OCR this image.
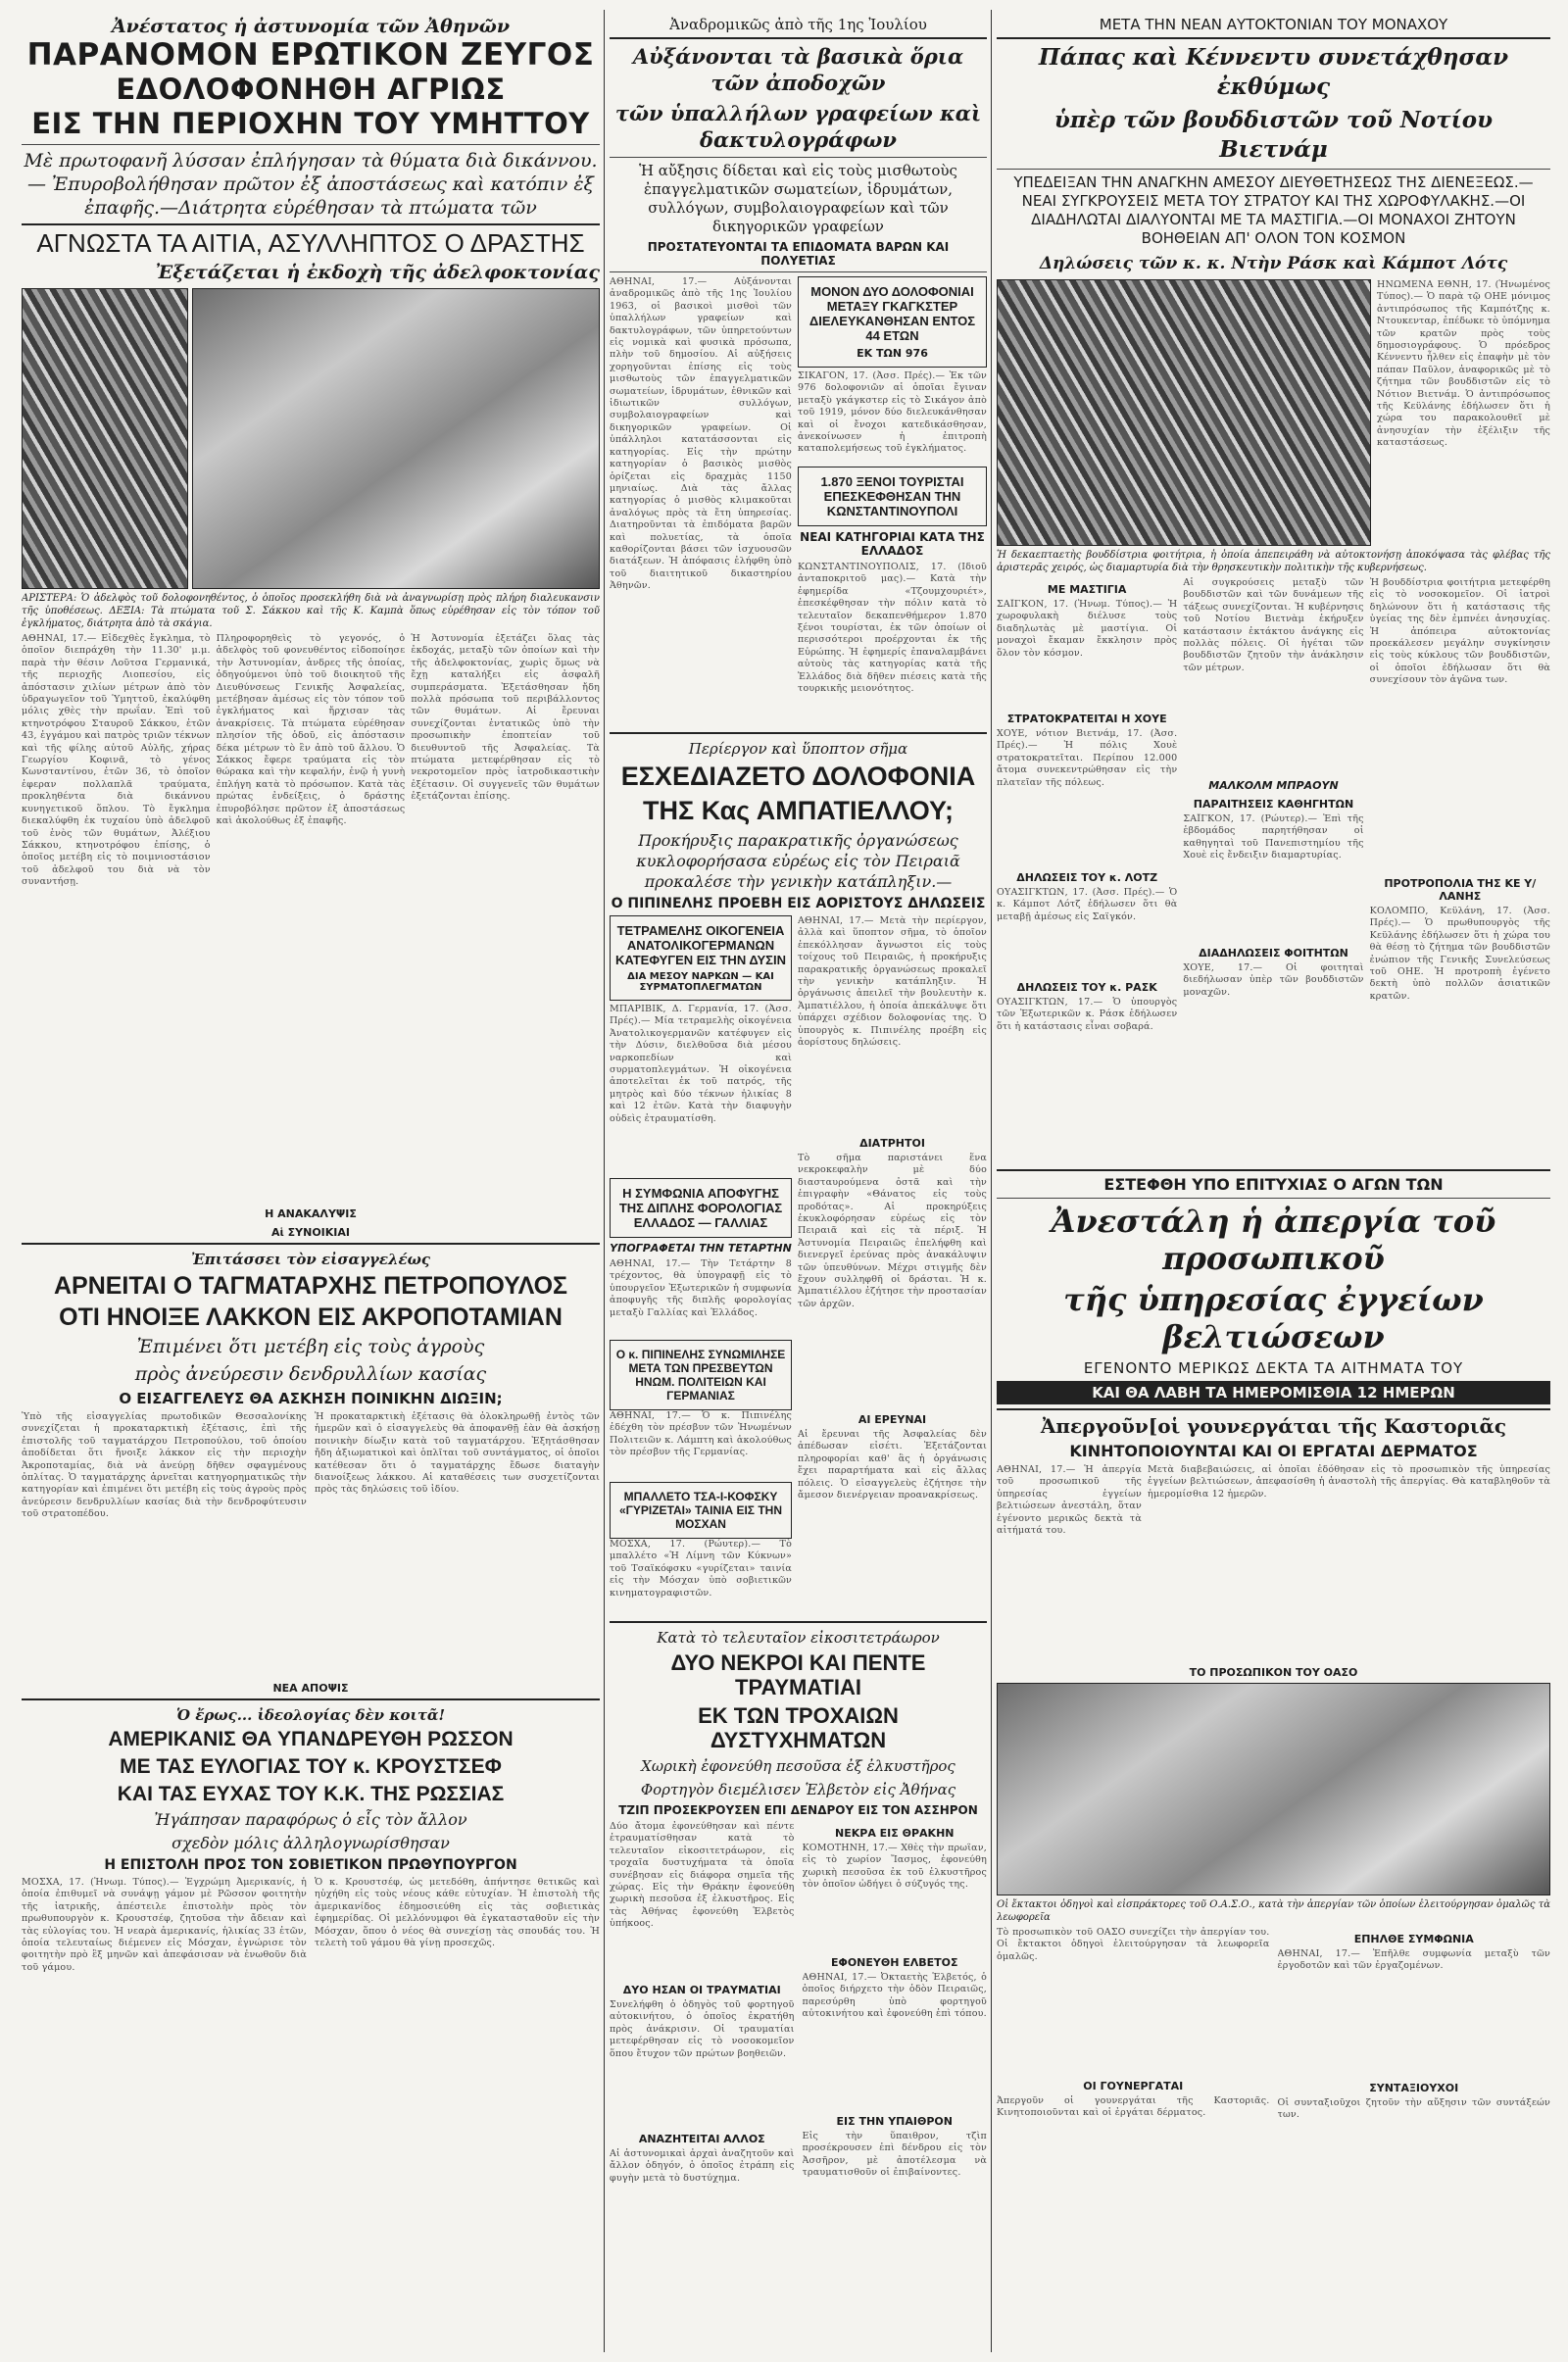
Ἀνέστατος ἡ ἀστυνομία τῶν Ἀθηνῶν
ΠΑΡΑΝΟΜΟΝ ΕΡΩΤΙΚΟΝ ΖΕΥΓΟΣ
ΕΔΟΛΟΦΟΝΗΘΗ ΑΓΡΙΩΣ
ΕΙΣ ΤΗΝ ΠΕΡΙΟΧΗΝ ΤΟΥ ΥΜΗΤΤΟΥ
Μὲ πρωτοφανῆ λύσσαν ἐπλήγησαν τὰ θύματα διὰ δικάννου.— Ἐπυροβολήθησαν πρῶτον ἐξ ἀποστάσεως καὶ κατόπιν ἐξ ἐπαφῆς.—Διάτρητα εὑρέθησαν τὰ πτώματα τῶν
ΑΓΝΩΣΤΑ ΤΑ ΑΙΤΙΑ, ΑΣΥΛΛΗΠΤΟΣ Ο ΔΡΑΣΤΗΣ
Ἐξετάζεται ἡ ἐκδοχὴ τῆς ἀδελφοκτονίας
ΑΡΙΣΤΕΡΑ: Ὁ ἀδελφὸς τοῦ δολοφονηθέντος, ὁ ὁποῖος προσεκλήθη διὰ νὰ ἀναγνωρίσῃ πρὸς πλήρη διαλευκανσιν τῆς ὑποθέσεως. ΔΕΞΙΑ: Τὰ πτώματα τοῦ Σ. Σάκκου καὶ τῆς Κ. Καμπὰ ὅπως εὑρέθησαν εἰς τὸν τόπον τοῦ ἐγκλήματος, διάτρητα ἀπὸ τὰ σκάγια.
ΑΘΗΝΑΙ, 17.— Εἰδεχθὲς ἔγκλημα, τὸ ὁποῖον διεπράχθη τὴν 11.30' μ.μ. παρὰ τὴν θέσιν Λοῦτσα Γερμανικά, τῆς περιοχῆς Λιοπεσίου, εἰς ἀπόστασιν χιλίων μέτρων ἀπὸ τὸν ὑδραγωγεῖον τοῦ Ὑμηττοῦ, ἐκαλύφθη μόλις χθὲς τὴν πρωΐαν. Ἐπὶ τοῦ κτηνοτρόφου Σταυροῦ Σάκκου, ἐτῶν 43, ἐγγάμου καὶ πατρὸς τριῶν τέκνων καὶ τῆς φίλης αὐτοῦ Αὐλῆς, χήρας Γεωργίου Κοφινᾶ, τὸ γένος Κωνσταντίνου, ἐτῶν 36, τὸ ὁποῖον ἐφεραν πολλαπλᾶ τραύματα, προκληθέντα διὰ δικάννου κυνηγετικοῦ ὅπλου. Τὸ ἔγκλημα διεκαλύφθη ἐκ τυχαίου ὑπὸ ἀδελφοῦ τοῦ ἑνὸς τῶν θυμάτων, Ἀλέξιου Σάκκου, κτηνοτρόφου ἐπίσης, ὁ ὁποῖος μετέβη εἰς τὸ ποιμνιοστάσιον τοῦ ἀδελφοῦ του διὰ νὰ τὸν συναντήσῃ.
Πληροφορηθεὶς τὸ γεγονός, ὁ ἀδελφὸς τοῦ φονευθέντος εἰδοποίησε τὴν Ἀστυνομίαν, ἀνδρες τῆς ὁποίας, ὁδηγούμενοι ὑπὸ τοῦ διοικητοῦ τῆς Διευθύνσεως Γενικῆς Ἀσφαλείας, μετέβησαν ἀμέσως εἰς τὸν τόπον τοῦ ἐγκλήματος καὶ ἤρχισαν τὰς ἀνακρίσεις. Τὰ πτώματα εὑρέθησαν πλησίον τῆς ὁδοῦ, εἰς ἀπόστασιν δέκα μέτρων τὸ ἓν ἀπὸ τοῦ ἄλλου. Ὁ Σάκκος ἔφερε τραύματα εἰς τὸν θώρακα καὶ τὴν κεφαλήν, ἐνῷ ἡ γυνὴ ἐπλήγη κατὰ τὸ πρόσωπον. Κατὰ τὰς πρώτας ἐνδείξεις, ὁ δράστης ἐπυροβόλησε πρῶτον ἐξ ἀποστάσεως καὶ ἀκολούθως ἐξ ἐπαφῆς.
Ἡ Ἀστυνομία ἐξετάζει ὅλας τὰς ἐκδοχάς, μεταξὺ τῶν ὁποίων καὶ τὴν τῆς ἀδελφοκτονίας, χωρὶς ὅμως νὰ ἔχῃ καταλήξει εἰς ἀσφαλῆ συμπεράσματα. Ἐξετάσθησαν ἤδη πολλὰ πρόσωπα τοῦ περιβάλλοντος τῶν θυμάτων. Αἱ ἔρευναι συνεχίζονται ἐντατικῶς ὑπὸ τὴν προσωπικὴν ἐποπτείαν τοῦ διευθυντοῦ τῆς Ἀσφαλείας. Τὰ πτώματα μετεφέρθησαν εἰς τὸ νεκροτομεῖον πρὸς ἰατροδικαστικὴν ἐξέτασιν. Οἱ συγγενεῖς τῶν θυμάτων ἐξετάζονται ἐπίσης.
Η ΑΝΑΚΑΛΥΨΙΣ
Αἱ ΣΥΝΟΙΚΙΑΙ
Ἐπιτάσσει τὸν εἰσαγγελέως
ΑΡΝΕΙΤΑΙ Ο ΤΑΓΜΑΤΑΡΧΗΣ ΠΕΤΡΟΠΟΥΛΟΣ
ΟΤΙ ΗΝΟΙΞΕ ΛΑΚΚΟΝ ΕΙΣ ΑΚΡΟΠΟΤΑΜΙΑΝ
Ἐπιμένει ὅτι μετέβη εἰς τοὺς ἀγροὺς
πρὸς ἀνεύρεσιν δενδρυλλίων κασίας
Ο ΕΙΣΑΓΓΕΛΕΥΣ ΘΑ ΑΣΚΗΣΗ ΠΟΙΝΙΚΗΝ ΔΙΩΞΙΝ;
Ὑπὸ τῆς εἰσαγγελίας πρωτοδικῶν Θεσσαλονίκης συνεχίζεται ἡ προκαταρκτικὴ ἐξέτασις, ἐπὶ τῆς ἐπιστολῆς τοῦ ταγματάρχου Πετροπούλου, τοῦ ὁποίου ἀποδίδεται ὅτι ἤνοιξε λάκκον εἰς τὴν περιοχὴν Ἀκροποταμίας, διὰ νὰ ἀνεύρῃ δῆθεν σφαγμένους ὀπλίτας. Ὁ ταγματάρχης ἀρνεῖται κατηγορηματικῶς τὴν κατηγορίαν καὶ ἐπιμένει ὅτι μετέβη εἰς τοὺς ἀγροὺς πρὸς ἀνεύρεσιν δενδρυλλίων κασίας διὰ τὴν δενδροφύτευσιν τοῦ στρατοπέδου.
Ἡ προκαταρκτικὴ ἐξέτασις θὰ ὁλοκληρωθῇ ἐντὸς τῶν ἡμερῶν καὶ ὁ εἰσαγγελεὺς θὰ ἀποφανθῇ ἐὰν θὰ ἀσκήσῃ ποινικὴν δίωξιν κατὰ τοῦ ταγματάρχου. Ἐξητάσθησαν ἤδη ἀξιωματικοὶ καὶ ὁπλῖται τοῦ συντάγματος, οἱ ὁποῖοι κατέθεσαν ὅτι ὁ ταγματάρχης ἔδωσε διαταγὴν διανοίξεως λάκκου. Αἱ καταθέσεις των συσχετίζονται πρὸς τὰς δηλώσεις τοῦ ἰδίου.
ΝΕΑ ΑΠΟΨΙΣ
Ὁ ἔρως... ἰδεολογίας δὲν κοιτᾶ!
ΑΜΕΡΙΚΑΝΙΣ ΘΑ ΥΠΑΝΔΡΕΥΘΗ ΡΩΣΣΟΝ
ΜΕ ΤΑΣ ΕΥΛΟΓΙΑΣ ΤΟΥ κ. ΚΡΟΥΣΤΣΕΦ
ΚΑΙ ΤΑΣ ΕΥΧΑΣ ΤΟΥ Κ.Κ. ΤΗΣ ΡΩΣΣΙΑΣ
Ἠγάπησαν παραφόρως ὁ εἷς τὸν ἄλλον
σχεδὸν μόλις ἀλληλογνωρίσθησαν
Η ΕΠΙΣΤΟΛΗ ΠΡΟΣ ΤΟΝ ΣΟΒΙΕΤΙΚΟΝ ΠΡΩΘΥΠΟΥΡΓΟΝ
ΜΟΣΧΑ, 17. (Ἠνωμ. Τύπος).— Ἐγχρώμη Ἀμερικανίς, ἡ ὁποία ἐπιθυμεῖ νὰ συνάψῃ γάμον μὲ Ρῶσσον φοιτητὴν τῆς ἰατρικῆς, ἀπέστειλε ἐπιστολὴν πρὸς τὸν πρωθυπουργὸν κ. Κρουστσέφ, ζητοῦσα τὴν ἄδειαν καὶ τὰς εὐλογίας του. Ἡ νεαρὰ ἀμερικανίς, ἡλικίας 33 ἐτῶν, ὁποία τελευταίως διέμενεν εἰς Μόσχαν, ἐγνώρισε τὸν φοιτητὴν πρὸ ἓξ μηνῶν καὶ ἀπεφάσισαν νὰ ἐνωθοῦν διὰ τοῦ γάμου.
Ὁ κ. Κρουστσέφ, ὡς μετεδόθη, ἀπήντησε θετικῶς καὶ ηὐχήθη εἰς τοὺς νέους κάθε εὐτυχίαν. Ἡ ἐπιστολὴ τῆς ἀμερικανίδος ἐδημοσιεύθη εἰς τὰς σοβιετικὰς ἐφημερίδας. Οἱ μελλόνυμφοι θὰ ἐγκατασταθοῦν εἰς τὴν Μόσχαν, ὅπου ὁ νέος θὰ συνεχίσῃ τὰς σπουδάς του. Ἡ τελετὴ τοῦ γάμου θὰ γίνῃ προσεχῶς.
Ἀναδρομικῶς ἀπὸ τῆς 1ης Ἰουλίου
Αὐξάνονται τὰ βασικὰ ὅρια τῶν ἀποδοχῶν
τῶν ὑπαλλήλων γραφείων καὶ δακτυλογράφων
Ἡ αὔξησις δίδεται καὶ εἰς τοὺς μισθωτοὺς ἐπαγγελματικῶν σωματείων, ἱδρυμάτων, συλλόγων, συμβολαιογραφείων καὶ τῶν δικηγορικῶν γραφείων
ΠΡΟΣΤΑΤΕΥΟΝΤΑΙ ΤΑ ΕΠΙΔΟΜΑΤΑ ΒΑΡΩΝ ΚΑΙ ΠΟΛΥΕΤΙΑΣ
ΑΘΗΝΑΙ, 17.— Αὐξάνονται ἀναδρομικῶς ἀπὸ τῆς 1ης Ἰουλίου 1963, οἱ βασικοὶ μισθοὶ τῶν ὑπαλλήλων γραφείων καὶ δακτυλογράφων, τῶν ὑπηρετούντων εἰς νομικὰ καὶ φυσικὰ πρόσωπα, πλὴν τοῦ δημοσίου. Αἱ αὐξήσεις χορηγοῦνται ἐπίσης εἰς τοὺς μισθωτοὺς τῶν ἐπαγγελματικῶν σωματείων, ἱδρυμάτων, ἐθνικῶν καὶ ἰδιωτικῶν συλλόγων, συμβολαιογραφείων καὶ δικηγορικῶν γραφείων. Οἱ ὑπάλληλοι κατατάσσονται εἰς κατηγορίας. Εἰς τὴν πρώτην κατηγορίαν ὁ βασικὸς μισθὸς ὁρίζεται εἰς δραχμὰς 1150 μηνιαίως. Διὰ τὰς ἄλλας κατηγορίας ὁ μισθὸς κλιμακοῦται ἀναλόγως πρὸς τὰ ἔτη ὑπηρεσίας. Διατηροῦνται τὰ ἐπιδόματα βαρῶν καὶ πολυετίας, τὰ ὁποῖα καθορίζονται βάσει τῶν ἰσχυουσῶν διατάξεων. Ἡ ἀπόφασις ἐλήφθη ὑπὸ τοῦ διαιτητικοῦ δικαστηρίου Ἀθηνῶν.
ΜΟΝΟΝ ΔΥΟ ΔΟΛΟΦΟΝΙΑΙ ΜΕΤΑΞΥ ΓΚΑΓΚΣΤΕΡ ΔΙΕΛΕΥΚΑΝΘΗΣΑΝ ΕΝΤΟΣ 44 ΕΤΩΝ
ΕΚ ΤΩΝ 976
ΣΙΚΑΓΟΝ, 17. (Ἀσσ. Πρές).— Ἐκ τῶν 976 δολοφονιῶν αἱ ὁποῖαι ἔγιναν μεταξὺ γκάγκστερ εἰς τὸ Σικάγον ἀπὸ τοῦ 1919, μόνον δύο διελευκάνθησαν καὶ οἱ ἔνοχοι κατεδικάσθησαν, ἀνεκοίνωσεν ἡ ἐπιτροπὴ καταπολεμήσεως τοῦ ἐγκλήματος.
1.870 ΞΕΝΟΙ ΤΟΥΡΙΣΤΑΙ ΕΠΕΣΚΕΦΘΗΣΑΝ ΤΗΝ ΚΩΝΣΤΑΝΤΙΝΟΥΠΟΛΙ
ΝΕΑΙ ΚΑΤΗΓΟΡΙΑΙ ΚΑΤΑ ΤΗΣ ΕΛΛΑΔΟΣ
ΚΩΝΣΤΑΝΤΙΝΟΥΠΟΛΙΣ, 17. (Ιδιοῦ ἀνταποκριτοῦ μας).— Κατὰ τὴν ἐφημερίδα «Τζουμχουριέτ», ἐπεσκέφθησαν τὴν πόλιν κατὰ τὸ τελευταῖον δεκαπενθήμερον 1.870 ξένοι τουρίσται, ἐκ τῶν ὁποίων οἱ περισσότεροι προέρχονται ἐκ τῆς Εὐρώπης. Ἡ ἐφημερίς ἐπαναλαμβάνει αὐτοὺς τὰς κατηγορίας κατὰ τῆς Ἑλλάδος διὰ δῆθεν πιέσεις κατὰ τῆς τουρκικῆς μειονότητος.
Περίεργον καὶ ὕποπτον σῆμα
ΕΣΧΕΔΙΑΖΕΤΟ ΔΟΛΟΦΟΝΙΑ
ΤΗΣ Κας ΑΜΠΑΤΙΕΛΛΟΥ;
Προκήρυξις παρακρατικῆς ὀργανώσεως κυκλοφορήσασα εὐρέως εἰς τὸν Πειραιᾶ προκαλέσε τὴν γενικὴν κατάπληξιν.—
Ο ΠΙΠΙΝΕΛΗΣ ΠΡΟΕΒΗ ΕΙΣ ΑΟΡΙΣΤΟΥΣ ΔΗΛΩΣΕΙΣ
ΤΕΤΡΑΜΕΛΗΣ ΟΙΚΟΓΕΝΕΙΑ ΑΝΑΤΟΛΙΚΟΓΕΡΜΑΝΩΝ ΚΑΤΕΦΥΓΕΝ ΕΙΣ ΤΗΝ ΔΥΣΙΝ
ΔΙΑ ΜΕΣΟΥ ΝΑΡΚΩΝ — ΚΑΙ ΣΥΡΜΑΤΟΠΛΕΓΜΑΤΩΝ
ΜΠΑΡΙΒΙΚ, Δ. Γερμανία, 17. (Ἀσσ. Πρές).— Μία τετραμελὴς οἰκογένεια Ἀνατολικογερμανῶν κατέφυγεν εἰς τὴν Δύσιν, διελθοῦσα διὰ μέσου ναρκοπεδίων καὶ συρματοπλεγμάτων. Ἡ οἰκογένεια ἀποτελεῖται ἐκ τοῦ πατρός, τῆς μητρὸς καὶ δύο τέκνων ἡλικίας 8 καὶ 12 ἐτῶν. Κατὰ τὴν διαφυγὴν οὐδεὶς ἐτραυματίσθη.
Η ΣΥΜΦΩΝΙΑ ΑΠΟΦΥΓΗΣ ΤΗΣ ΔΙΠΛΗΣ ΦΟΡΟΛΟΓΙΑΣ ΕΛΛΑΔΟΣ — ΓΑΛΛΙΑΣ
ΥΠΟΓΡΑΦΕΤΑΙ ΤΗΝ ΤΕΤΑΡΤΗΝ
ΑΘΗΝΑΙ, 17.— Τὴν Τετάρτην 8 τρέχοντος, θὰ ὑπογραφῇ εἰς τὸ ὑπουργεῖον Ἐξωτερικῶν ἡ συμφωνία ἀποφυγῆς τῆς διπλῆς φορολογίας μεταξὺ Γαλλίας καὶ Ἑλλάδος.
Ο κ. ΠΙΠΙΝΕΛΗΣ ΣΥΝΩΜΙΛΗΣΕ ΜΕΤΑ ΤΩΝ ΠΡΕΣΒΕΥΤΩΝ ΗΝΩΜ. ΠΟΛΙΤΕΙΩΝ ΚΑΙ ΓΕΡΜΑΝΙΑΣ
ΑΘΗΝΑΙ, 17.— Ὁ κ. Πιπινέλης ἐδέχθη τὸν πρέσβυν τῶν Ἡνωμένων Πολιτειῶν κ. Λάμπτη καὶ ἀκολούθως τὸν πρέσβυν τῆς Γερμανίας.
ΜΠΑΛΛΕΤΟ ΤΣΑ-Ι-ΚΟΦΣΚΥ «ΓΥΡΙΖΕΤΑΙ» ΤΑΙΝΙΑ ΕΙΣ ΤΗΝ ΜΟΣΧΑΝ
ΜΟΣΧΑ, 17. (Ρώυτερ).— Τὸ μπαλλέτο «Ἡ Λίμνη τῶν Κύκνων» τοῦ Τσαϊκόφσκυ «γυρίζεται» ταινία εἰς τὴν Μόσχαν ὑπὸ σοβιετικῶν κινηματογραφιστῶν.
ΑΘΗΝΑΙ, 17.— Μετὰ τὴν περίεργον, ἀλλὰ καὶ ὕποπτον σῆμα, τὸ ὁποῖον ἐπεκόλλησαν ἄγνωστοι εἰς τοὺς τοίχους τοῦ Πειραιῶς, ἡ προκήρυξις παρακρατικῆς ὀργανώσεως προκαλεῖ τὴν γενικὴν κατάπληξιν. Ἡ ὀργάνωσις ἀπειλεῖ τὴν βουλευτὴν κ. Ἀμπατιέλλου, ἡ ὁποία ἀπεκάλυψε ὅτι ὑπάρχει σχέδιον δολοφονίας της. Ὁ ὑπουργὸς κ. Πιπινέλης προέβη εἰς ἀορίστους δηλώσεις.
ΔΙΑΤΡΗΤΟΙ
Τὸ σῆμα παριστάνει ἕνα νεκροκεφαλὴν μὲ δύο διασταυρούμενα ὀστᾶ καὶ τὴν ἐπιγραφὴν «Θάνατος εἰς τοὺς προδότας». Αἱ προκηρύξεις ἐκυκλοφόρησαν εὐρέως εἰς τὸν Πειραιᾶ καὶ εἰς τὰ πέριξ. Ἡ Ἀστυνομία Πειραιῶς ἐπελήφθη καὶ διενεργεῖ ἐρεύνας πρὸς ἀνακάλυψιν τῶν ὑπευθύνων. Μέχρι στιγμῆς δὲν ἔχουν συλληφθῆ οἱ δράσται. Ἡ κ. Ἀμπατιέλλου ἐζήτησε τὴν προστασίαν τῶν ἀρχῶν.
ΑΙ ΕΡΕΥΝΑΙ
Αἱ ἔρευναι τῆς Ἀσφαλείας δὲν ἀπέδωσαν εἰσέτι. Ἐξετάζονται πληροφορίαι καθ' ἃς ἡ ὀργάνωσις ἔχει παραρτήματα καὶ εἰς ἄλλας πόλεις. Ὁ εἰσαγγελεὺς ἐζήτησε τὴν ἄμεσον διενέργειαν προανακρίσεως.
Κατὰ τὸ τελευταῖον εἰκοσιτετράωρον
ΔΥΟ ΝΕΚΡΟΙ ΚΑΙ ΠΕΝΤΕ ΤΡΑΥΜΑΤΙΑΙ
ΕΚ ΤΩΝ ΤΡΟΧΑΙΩΝ ΔΥΣΤΥΧΗΜΑΤΩΝ
Χωρικὴ ἐφονεύθη πεσοῦσα ἐξ ἐλκυστῆρος
Φορτηγὸν διεμέλισεν Ἑλβετὸν εἰς Ἀθήνας
ΤΖΙΠ ΠΡΟΣΕΚΡΟΥΣΕΝ ΕΠΙ ΔΕΝΔΡΟΥ ΕΙΣ ΤΟΝ ΑΣΣΗΡΟΝ
Δύο ἄτομα ἐφονεύθησαν καὶ πέντε ἐτραυματίσθησαν κατὰ τὸ τελευταῖον εἰκοσιτετράωρον, εἰς τροχαῖα δυστυχήματα τὰ ὁποῖα συνέβησαν εἰς διάφορα σημεῖα τῆς χώρας. Εἰς τὴν Θράκην ἐφονεύθη χωρικὴ πεσοῦσα ἐξ ἐλκυστῆρος. Εἰς τὰς Ἀθήνας ἐφονεύθη Ἑλβετὸς ὑπήκοος.
ΔΥΟ ΗΣΑΝ ΟΙ ΤΡΑΥΜΑΤΙΑΙ
Συνελήφθη ὁ ὁδηγὸς τοῦ φορτηγοῦ αὐτοκινήτου, ὁ ὁποῖος ἐκρατήθη πρὸς ἀνάκρισιν. Οἱ τραυματίαι μετεφέρθησαν εἰς τὸ νοσοκομεῖον ὅπου ἔτυχον τῶν πρώτων βοηθειῶν.
ΑΝΑΖΗΤΕΙΤΑΙ ΑΛΛΟΣ
Αἱ ἀστυνομικαὶ ἀρχαὶ ἀναζητοῦν καὶ ἄλλον ὁδηγόν, ὁ ὁποῖος ἐτράπη εἰς φυγὴν μετὰ τὸ δυστύχημα.
ΝΕΚΡΑ ΕΙΣ ΘΡΑΚΗΝ
ΚΟΜΟΤΗΝΗ, 17.— Χθὲς τὴν πρωΐαν, εἰς τὸ χωρίον Ἴασμος, ἐφονεύθη χωρικὴ πεσοῦσα ἐκ τοῦ ἐλκυστῆρος τὸν ὁποῖον ὡδήγει ὁ σύζυγός της.
ΕΦΟΝΕΥΘΗ ΕΛΒΕΤΟΣ
ΑΘΗΝΑΙ, 17.— Ὀκταετὴς Ἑλβετός, ὁ ὁποῖος διήρχετο τὴν ὁδὸν Πειραιῶς, παρεσύρθη ὑπὸ φορτηγοῦ αὐτοκινήτου καὶ ἐφονεύθη ἐπὶ τόπου.
ΕΙΣ ΤΗΝ ΥΠΑΙΘΡΟΝ
Εἰς τὴν ὕπαιθρον, τζὶπ προσέκρουσεν ἐπὶ δένδρου εἰς τὸν Ἀσσῆρον, μὲ ἀποτέλεσμα νὰ τραυματισθοῦν οἱ ἐπιβαίνοντες.
ΜΕΤΑ ΤΗΝ ΝΕΑΝ ΑΥΤΟΚΤΟΝΙΑΝ ΤΟΥ ΜΟΝΑΧΟΥ
Πάπας καὶ Κέννεντυ συνετάχθησαν ἐκθύμως
ὑπὲρ τῶν βουδδιστῶν τοῦ Νοτίου Βιετνάμ
ΥΠΕΔΕΙΞΑΝ ΤΗΝ ΑΝΑΓΚΗΝ ΑΜΕΣΟΥ ΔΙΕΥΘΕΤΗΣΕΩΣ ΤΗΣ ΔΙΕΝΕΞΕΩΣ.—ΝΕΑΙ ΣΥΓΚΡΟΥΣΕΙΣ ΜΕΤΑ ΤΟΥ ΣΤΡΑΤΟΥ ΚΑΙ ΤΗΣ ΧΩΡΟΦΥΛΑΚΗΣ.—ΟΙ ΔΙΑΔΗΛΩΤΑΙ ΔΙΑΛΥΟΝΤΑΙ ΜΕ ΤΑ ΜΑΣΤΙΓΙΑ.—ΟΙ ΜΟΝΑΧΟΙ ΖΗΤΟΥΝ ΒΟΗΘΕΙΑΝ ΑΠ' ΟΛΟΝ ΤΟΝ ΚΟΣΜΟΝ
Δηλώσεις τῶν κ. κ. Ντὴν Ράσκ καὶ Κάμποτ Λότς
ΗΝΩΜΕΝΑ ΕΘΝΗ, 17. (Ἡνωμένος Τύπος).— Ὁ παρὰ τῷ ΟΗΕ μόνιμος ἀντιπρόσωπος τῆς Καμπότζης κ. Ντουκενταρ, ἐπέδωκε τὸ ὑπόμνημα τῶν κρατῶν πρὸς τοὺς δημοσιογράφους. Ὁ πρόεδρος Κέννεντυ ἦλθεν εἰς ἐπαφὴν μὲ τὸν πάπαν Παῦλον, ἀναφορικῶς μὲ τὸ ζήτημα τῶν βουδδιστῶν εἰς τὸ Νότιον Βιετνάμ. Ὁ ἀντιπρόσωπος τῆς Κεϋλάνης ἐδήλωσεν ὅτι ἡ χώρα του παρακολουθεῖ μὲ ἀνησυχίαν τὴν ἐξέλιξιν τῆς καταστάσεως.
Ἡ δεκαεπταετὴς βουδδίστρια φοιτήτρια, ἡ ὁποία ἀπεπειράθη νὰ αὐτοκτονήσῃ ἀποκόψασα τὰς φλέβας τῆς ἀριστερᾶς χειρός, ὡς διαμαρτυρία διὰ τὴν θρησκευτικὴν πολιτικὴν τῆς κυβερνήσεως.
ΜΕ ΜΑΣΤΙΓΙΑ
ΣΑΪΓΚΟΝ, 17. (Ἠνωμ. Τύπος).— Ἡ χωροφυλακὴ διέλυσε τοὺς διαδηλωτὰς μὲ μαστίγια. Οἱ μοναχοὶ ἔκαμαν ἔκκλησιν πρὸς ὅλον τὸν κόσμον.
ΣΤΡΑΤΟΚΡΑΤΕΙΤΑΙ Η ΧΟΥΕ
ΧΟΥΕ, νότιον Βιετνάμ, 17. (Ἀσσ. Πρές).— Ἡ πόλις Χουὲ στρατοκρατεῖται. Περίπου 12.000 ἄτομα συνεκεντρώθησαν εἰς τὴν πλατεῖαν τῆς πόλεως.
ΔΗΛΩΣΕΙΣ ΤΟΥ κ. ΛΟΤΖ
ΟΥΑΣΙΓΚΤΩΝ, 17. (Ἀσσ. Πρές).— Ὁ κ. Κάμποτ Λότζ ἐδήλωσεν ὅτι θὰ μεταβῇ ἀμέσως εἰς Σαϊγκόν.
ΔΗΛΩΣΕΙΣ ΤΟΥ κ. ΡΑΣΚ
ΟΥΑΣΙΓΚΤΩΝ, 17.— Ὁ ὑπουργὸς τῶν Ἐξωτερικῶν κ. Ράσκ ἐδήλωσεν ὅτι ἡ κατάστασις εἶναι σοβαρά.
Αἱ συγκρούσεις μεταξὺ τῶν βουδδιστῶν καὶ τῶν δυνάμεων τῆς τάξεως συνεχίζονται. Ἡ κυβέρνησις τοῦ Νοτίου Βιετνὰμ ἐκήρυξεν κατάστασιν ἐκτάκτου ἀνάγκης εἰς πολλὰς πόλεις. Οἱ ἡγέται τῶν βουδδιστῶν ζητοῦν τὴν ἀνάκλησιν τῶν μέτρων.
ΜΑΛΚΟΛΜ ΜΠΡΑΟΥΝ
ΠΑΡΑΙΤΗΣΕΙΣ ΚΑΘΗΓΗΤΩΝ
ΣΑΪΓΚΟΝ, 17. (Ρώυτερ).— Ἐπὶ τῆς ἑβδομάδος παρητήθησαν οἱ καθηγηταὶ τοῦ Πανεπιστημίου τῆς Χουὲ εἰς ἔνδειξιν διαμαρτυρίας.
ΔΙΑΔΗΛΩΣΕΙΣ ΦΟΙΤΗΤΩΝ
ΧΟΥΕ, 17.— Οἱ φοιτηταὶ διεδήλωσαν ὑπὲρ τῶν βουδδιστῶν μοναχῶν.
Ἡ βουδδίστρια φοιτήτρια μετεφέρθη εἰς τὸ νοσοκομεῖον. Οἱ ἰατροὶ δηλώνουν ὅτι ἡ κατάστασις τῆς ὑγείας της δὲν ἐμπνέει ἀνησυχίας. Ἡ ἀπόπειρα αὐτοκτονίας προεκάλεσεν μεγάλην συγκίνησιν εἰς τοὺς κύκλους τῶν βουδδιστῶν, οἱ ὁποῖοι ἐδήλωσαν ὅτι θὰ συνεχίσουν τὸν ἀγῶνα των.
ΠΡΟΤΡΟΠΟΛΙΑ ΤΗΣ ΚΕ Υ/ΛΑΝΗΣ
ΚΟΛΟΜΠΟ, Κεϋλάνη, 17. (Ἀσσ. Πρές).— Ὁ πρωθυπουργὸς τῆς Κεϋλάνης ἐδήλωσεν ὅτι ἡ χώρα του θὰ θέσῃ τὸ ζήτημα τῶν βουδδιστῶν ἐνώπιον τῆς Γενικῆς Συνελεύσεως τοῦ ΟΗΕ. Ἡ προτροπὴ ἐγένετο δεκτὴ ὑπὸ πολλῶν ἀσιατικῶν κρατῶν.
ΕΣΤΕΦΘΗ ΥΠΟ ΕΠΙΤΥΧΙΑΣ Ο ΑΓΩΝ ΤΩΝ
Ἀνεστάλη ἡ ἀπεργία τοῦ προσωπικοῦ
τῆς ὑπηρεσίας ἐγγείων βελτιώσεων
ΕΓΕΝΟΝΤΟ ΜΕΡΙΚΩΣ ΔΕΚΤΑ ΤΑ ΑΙΤΗΜΑΤΑ ΤΟΥ
ΚΑΙ ΘΑ ΛΑΒΗ ΤΑ ΗΜΕΡΟΜΙΣΘΙΑ 12 ΗΜΕΡΩΝ
Ἀπεργοῦν[οἱ γουνεργάται τῆς Καστοριᾶς
ΚΙΝΗΤΟΠΟΙΟΥΝΤΑΙ ΚΑΙ ΟΙ ΕΡΓΑΤΑΙ ΔΕΡΜΑΤΟΣ
ΑΘΗΝΑΙ, 17.— Ἡ ἀπεργία τοῦ προσωπικοῦ τῆς ὑπηρεσίας ἐγγείων βελτιώσεων ἀνεστάλη, ὅταν ἐγένοντο μερικῶς δεκτὰ τὰ αἰτήματά του.
Μετὰ διαβεβαιώσεις, αἱ ὁποῖαι ἐδόθησαν εἰς τὸ προσωπικὸν τῆς ὑπηρεσίας ἐγγείων βελτιώσεων, ἀπεφασίσθη ἡ ἀναστολὴ τῆς ἀπεργίας. Θὰ καταβληθοῦν τὰ ἡμερομίσθια 12 ἡμερῶν.
ΤΟ ΠΡΟΣΩΠΙΚΟΝ ΤΟΥ ΟΑΣΟ
Οἱ ἔκτακτοι ὁδηγοὶ καὶ εἰσπράκτορες τοῦ Ο.Α.Σ.Ο., κατὰ τὴν ἀπεργίαν τῶν ὁποίων ἐλειτούργησαν ὁμαλῶς τὰ λεωφορεῖα
Τὸ προσωπικὸν τοῦ ΟΑΣΟ συνεχίζει τὴν ἀπεργίαν του. Οἱ ἔκτακτοι ὁδηγοὶ ἐλειτούργησαν τὰ λεωφορεῖα ὁμαλῶς.
ΟΙ ΓΟΥΝΕΡΓΑΤΑΙ
Ἀπεργοῦν οἱ γουνεργάται τῆς Καστοριᾶς. Κινητοποιοῦνται καὶ οἱ ἐργάται δέρματος.
ΕΠΗΛΘΕ ΣΥΜΦΩΝΙΑ
ΑΘΗΝΑΙ, 17.— Ἐπῆλθε συμφωνία μεταξὺ τῶν ἐργοδοτῶν καὶ τῶν ἐργαζομένων.
ΣΥΝΤΑΞΙΟΥΧΟΙ
Οἱ συνταξιοῦχοι ζητοῦν τὴν αὔξησιν τῶν συντάξεών των.
